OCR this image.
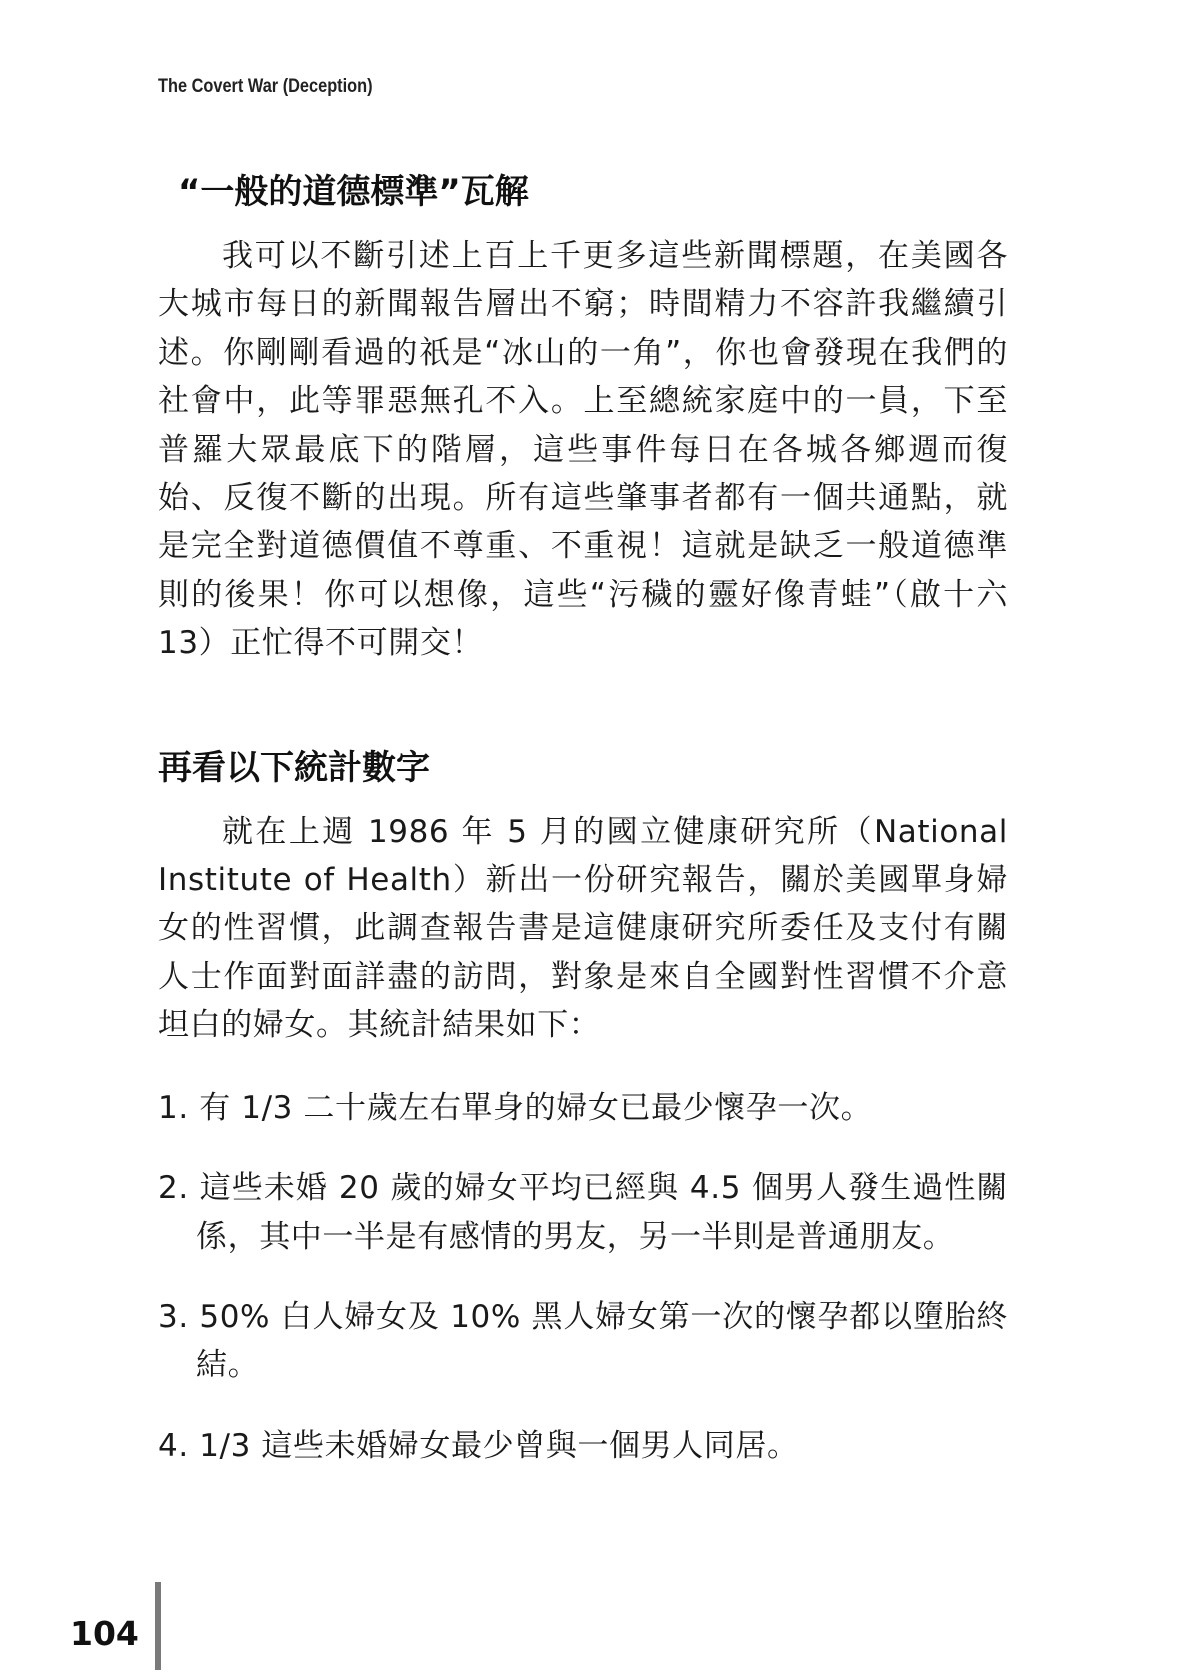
The Covert War (Deception)
“一般的道德標準”瓦解

我可以不斷引述上百上千更多這些新聞標題，在美國各大城市每日的新聞報告層出不窮；時間精力不容許我繼續引述。你剛剛看過的祇是“冰山的一角”，你也會發現在我們的社會中，此等罪惡無孔不入。上至總統家庭中的一員，下至普羅大眾最底下的階層，這些事件每日在各城各鄉週而復始、反復不斷的出現。所有這些肇事者都有一個共通點，就是完全對道德價值不尊重、不重視！這就是缺乏一般道德準則的後果！你可以想像，這些“污穢的靈好像青蛙”（啟十六 13）正忙得不可開交！

再看以下統計數字

就在上週 1986 年 5 月的國立健康研究所（National Institute of Health）新出一份研究報告，關於美國單身婦女的性習慣，此調查報告書是這健康研究所委任及支付有關人士作面對面詳盡的訪問，對象是來自全國對性習慣不介意坦白的婦女。其統計結果如下：

1. 有 1/3 二十歲左右單身的婦女已最少懷孕一次。
2. 這些未婚 20 歲的婦女平均已經與 4.5 個男人發生過性關係，其中一半是有感情的男友，另一半則是普通朋友。
3. 50% 白人婦女及 10% 黑人婦女第一次的懷孕都以墮胎終結。
4. 1/3 這些未婚婦女最少曾與一個男人同居。
104
